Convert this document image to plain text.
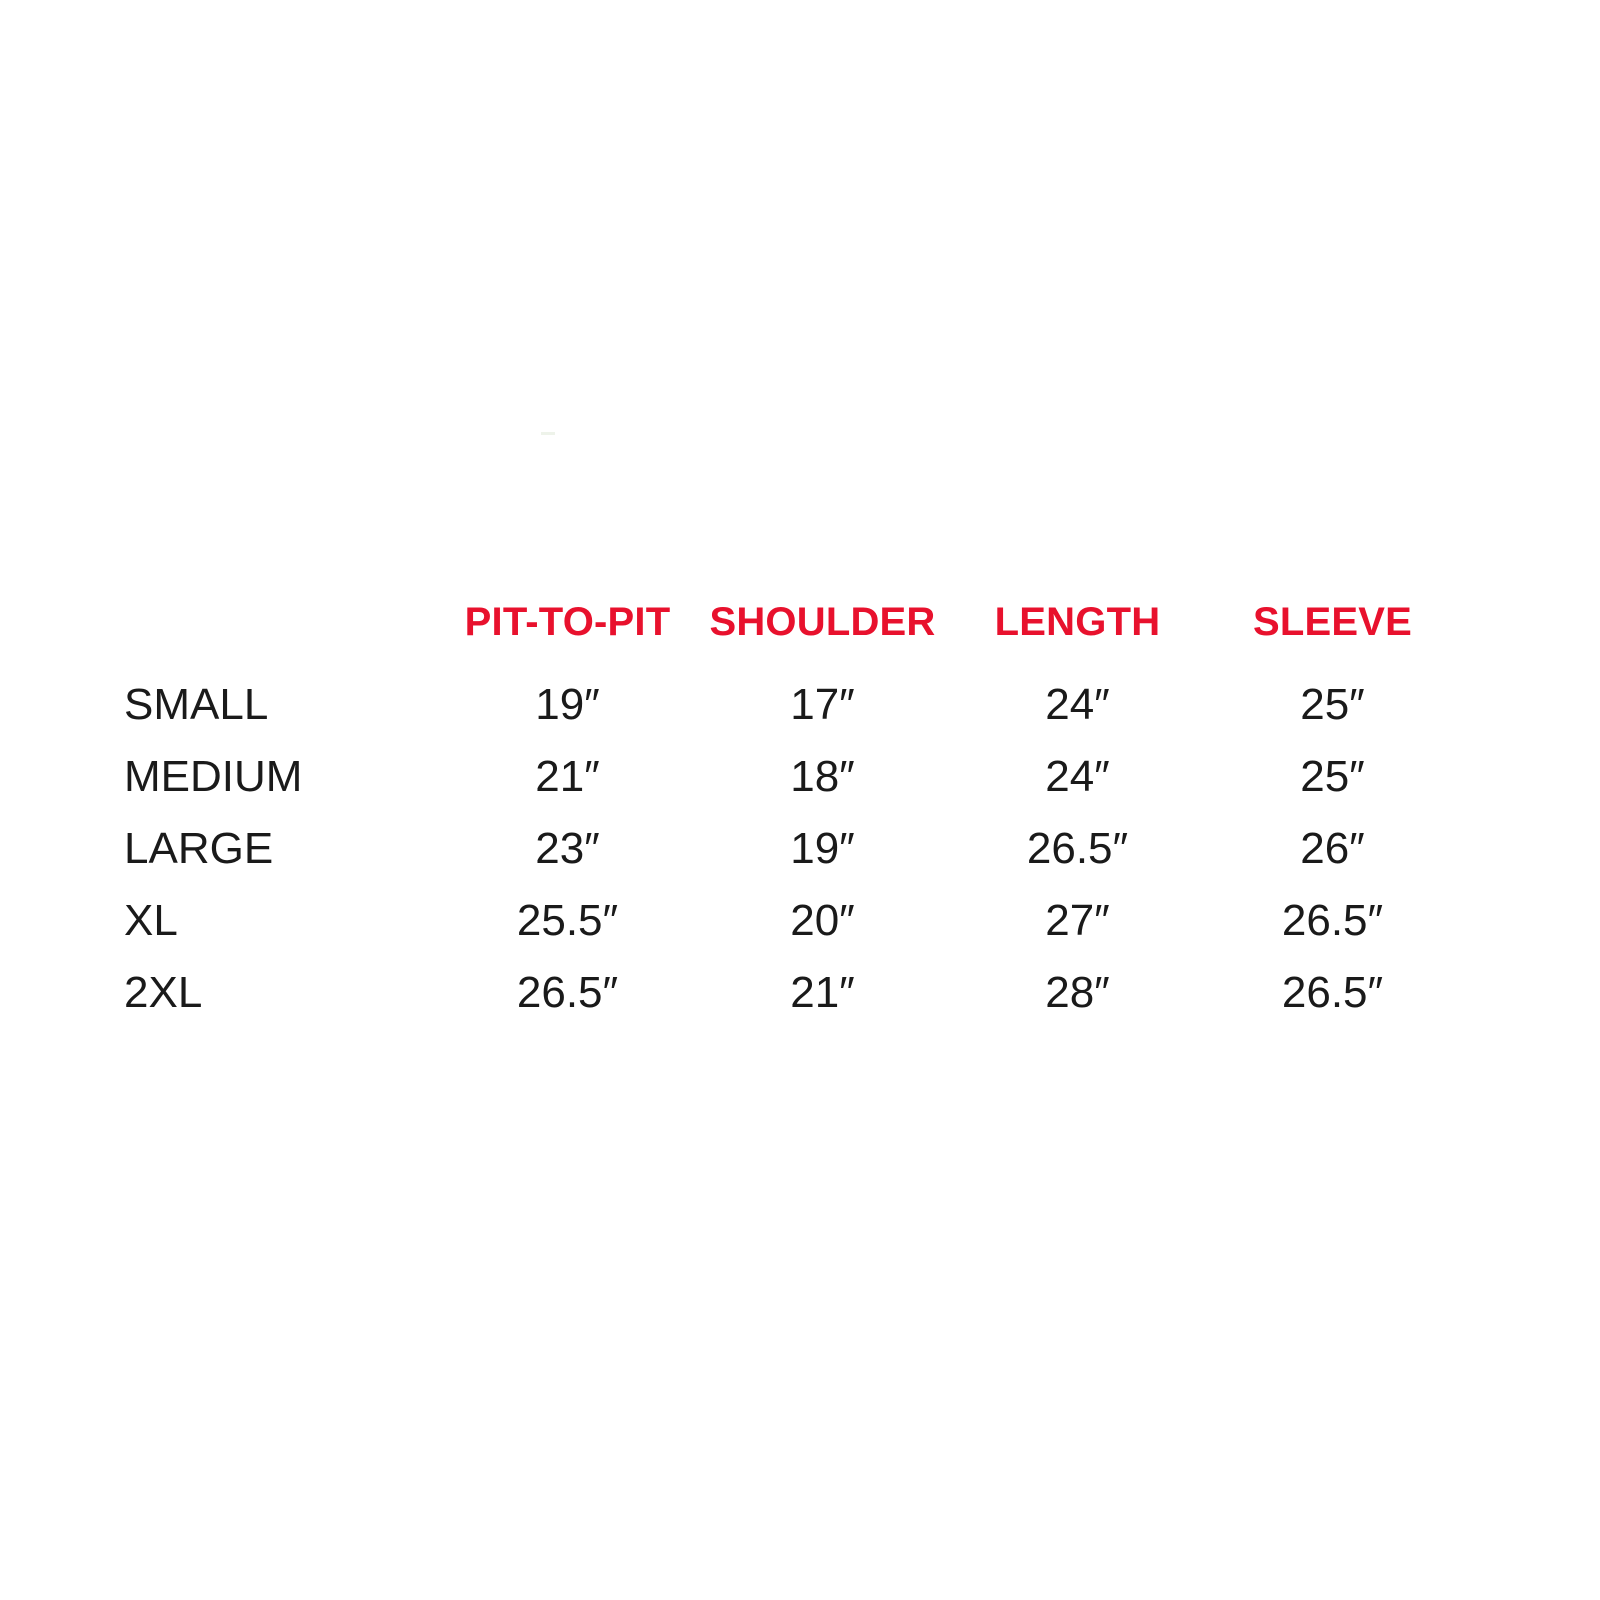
	PIT-TO-PIT	SHOULDER	LENGTH	SLEEVE
SMALL	19″	17″	24″	25″
MEDIUM	21″	18″	24″	25″
LARGE	23″	19″	26.5″	26″
XL	25.5″	20″	27″	26.5″
2XL	26.5″	21″	28″	26.5″
